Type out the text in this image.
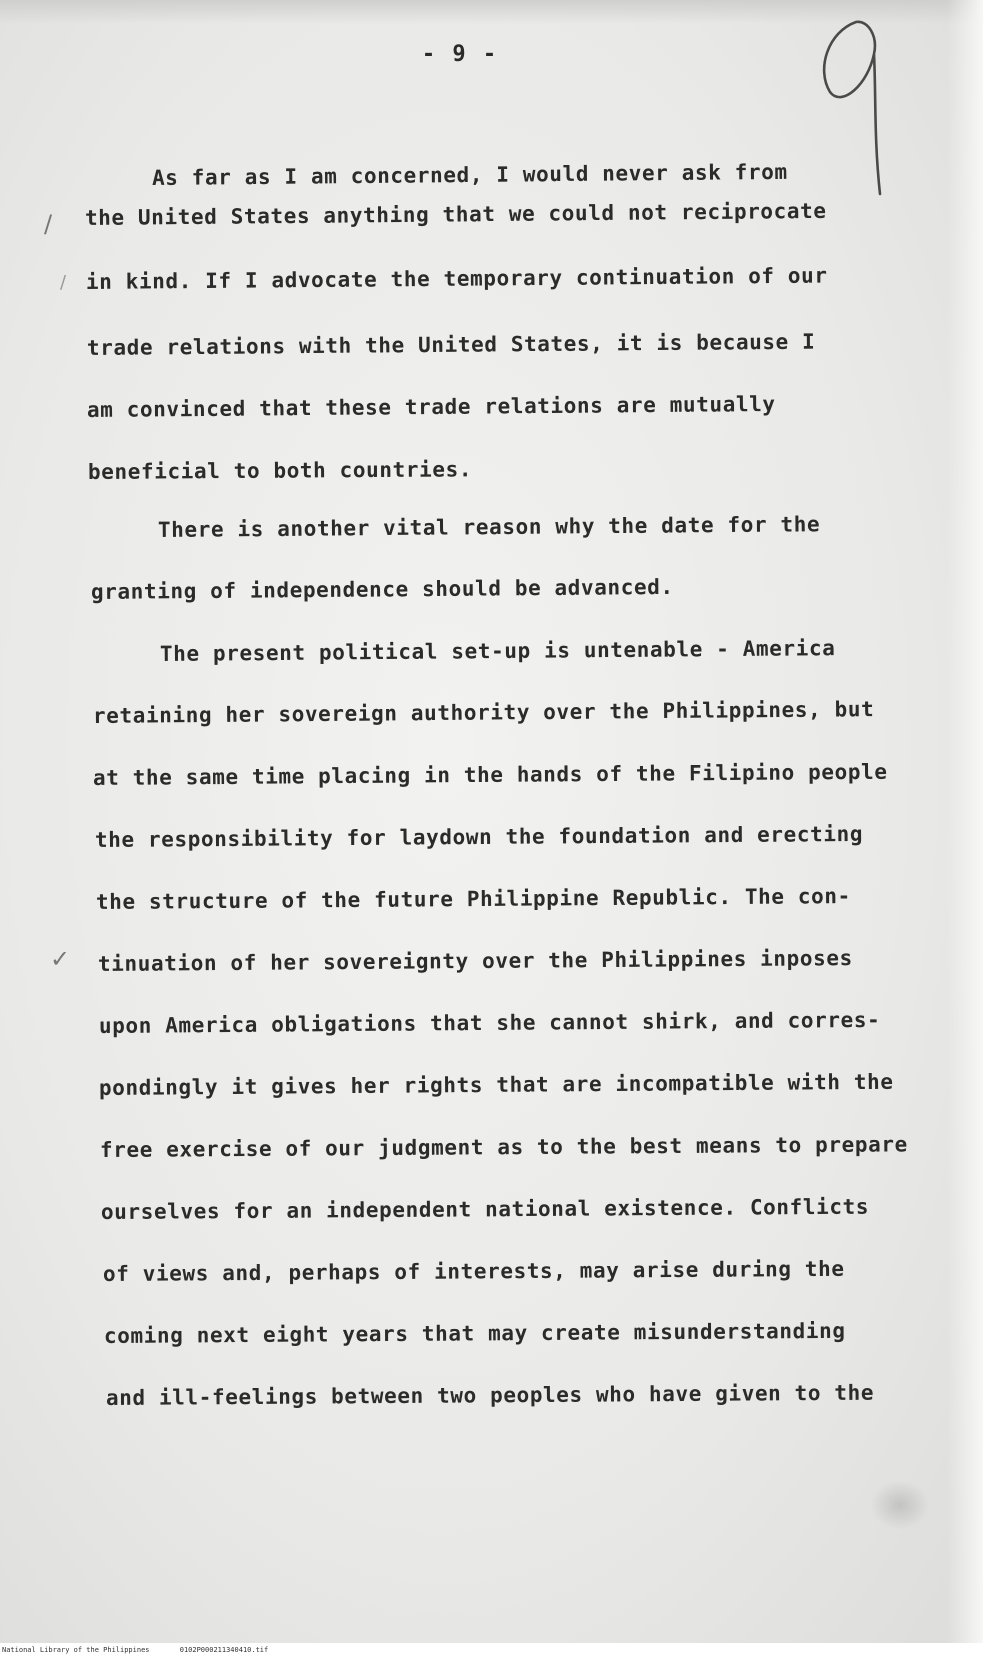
- 9 -
As far as I am concerned, I would never ask from
the United States anything that we could not reciprocate
in kind. If I advocate the temporary continuation of our
trade relations with the United States, it is because I
am convinced that these trade relations are mutually
beneficial to both countries.
There is another vital reason why the date for the
granting of independence should be advanced.
The present political set-up is untenable - America
retaining her sovereign authority over the Philippines, but
at the same time placing in the hands of the Filipino people
the responsibility for laydown the foundation and erecting
the structure of the future Philippine Republic. The con-
tinuation of her sovereignty over the Philippines inposes
upon America obligations that she cannot shirk, and corres-
pondingly it gives her rights that are incompatible with the
free exercise of our judgment as to the best means to prepare
ourselves for an independent national existence. Conflicts
of views and, perhaps of interests, may arise during the
coming next eight years that may create misunderstanding
and ill-feelings between two peoples who have given to the
/
/
✓
National Library of the Philippines	0102P000211340410.tif
